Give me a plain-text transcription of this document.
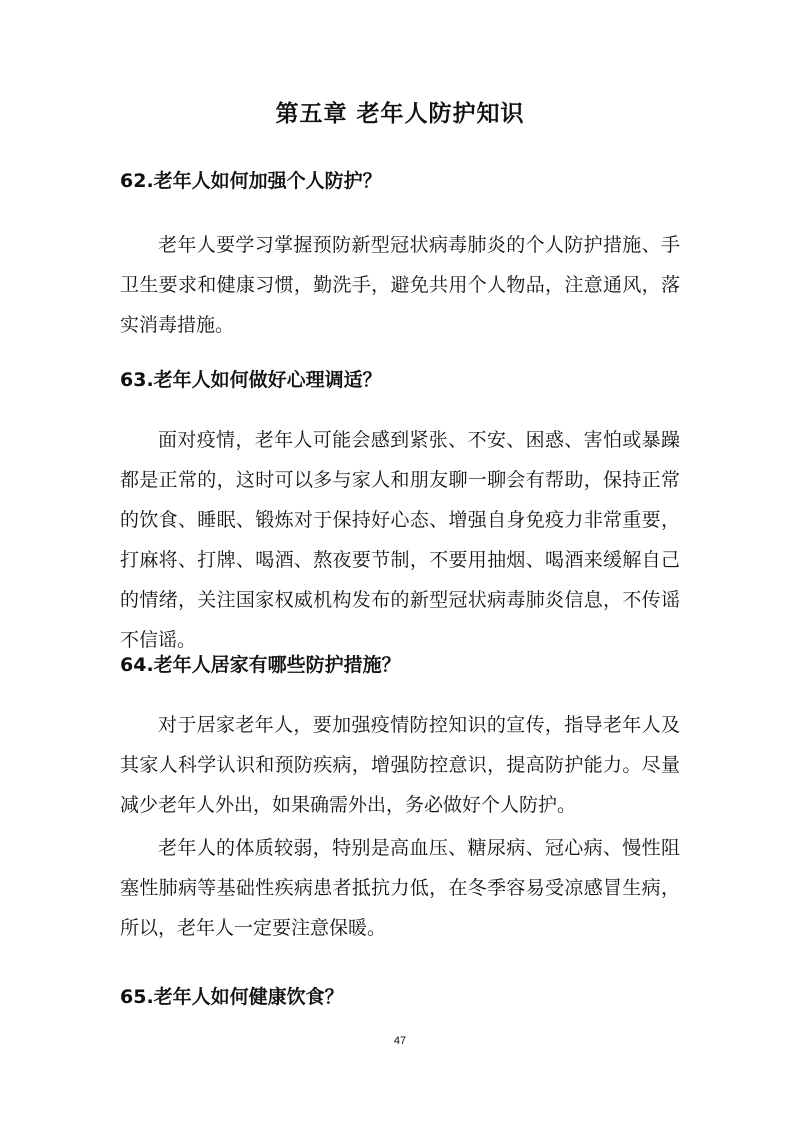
第五章 老年人防护知识
62.老年人如何加强个人防护？

老年人要学习掌握预防新型冠状病毒肺炎的个人防护措施、手卫生要求和健康习惯，勤洗手，避免共用个人物品，注意通风，落实消毒措施。

63.老年人如何做好心理调适？

面对疫情，老年人可能会感到紧张、不安、困惑、害怕或暴躁都是正常的，这时可以多与家人和朋友聊一聊会有帮助，保持正常的饮食、睡眠、锻炼对于保持好心态、增强自身免疫力非常重要，打麻将、打牌、喝酒、熬夜要节制，不要用抽烟、喝酒来缓解自己的情绪，关注国家权威机构发布的新型冠状病毒肺炎信息，不传谣不信谣。

64.老年人居家有哪些防护措施？

对于居家老年人，要加强疫情防控知识的宣传，指导老年人及其家人科学认识和预防疾病，增强防控意识，提高防护能力。尽量减少老年人外出，如果确需外出，务必做好个人防护。

老年人的体质较弱，特别是高血压、糖尿病、冠心病、慢性阻塞性肺病等基础性疾病患者抵抗力低，在冬季容易受凉感冒生病，所以，老年人一定要注意保暖。

65.老年人如何健康饮食？
47
